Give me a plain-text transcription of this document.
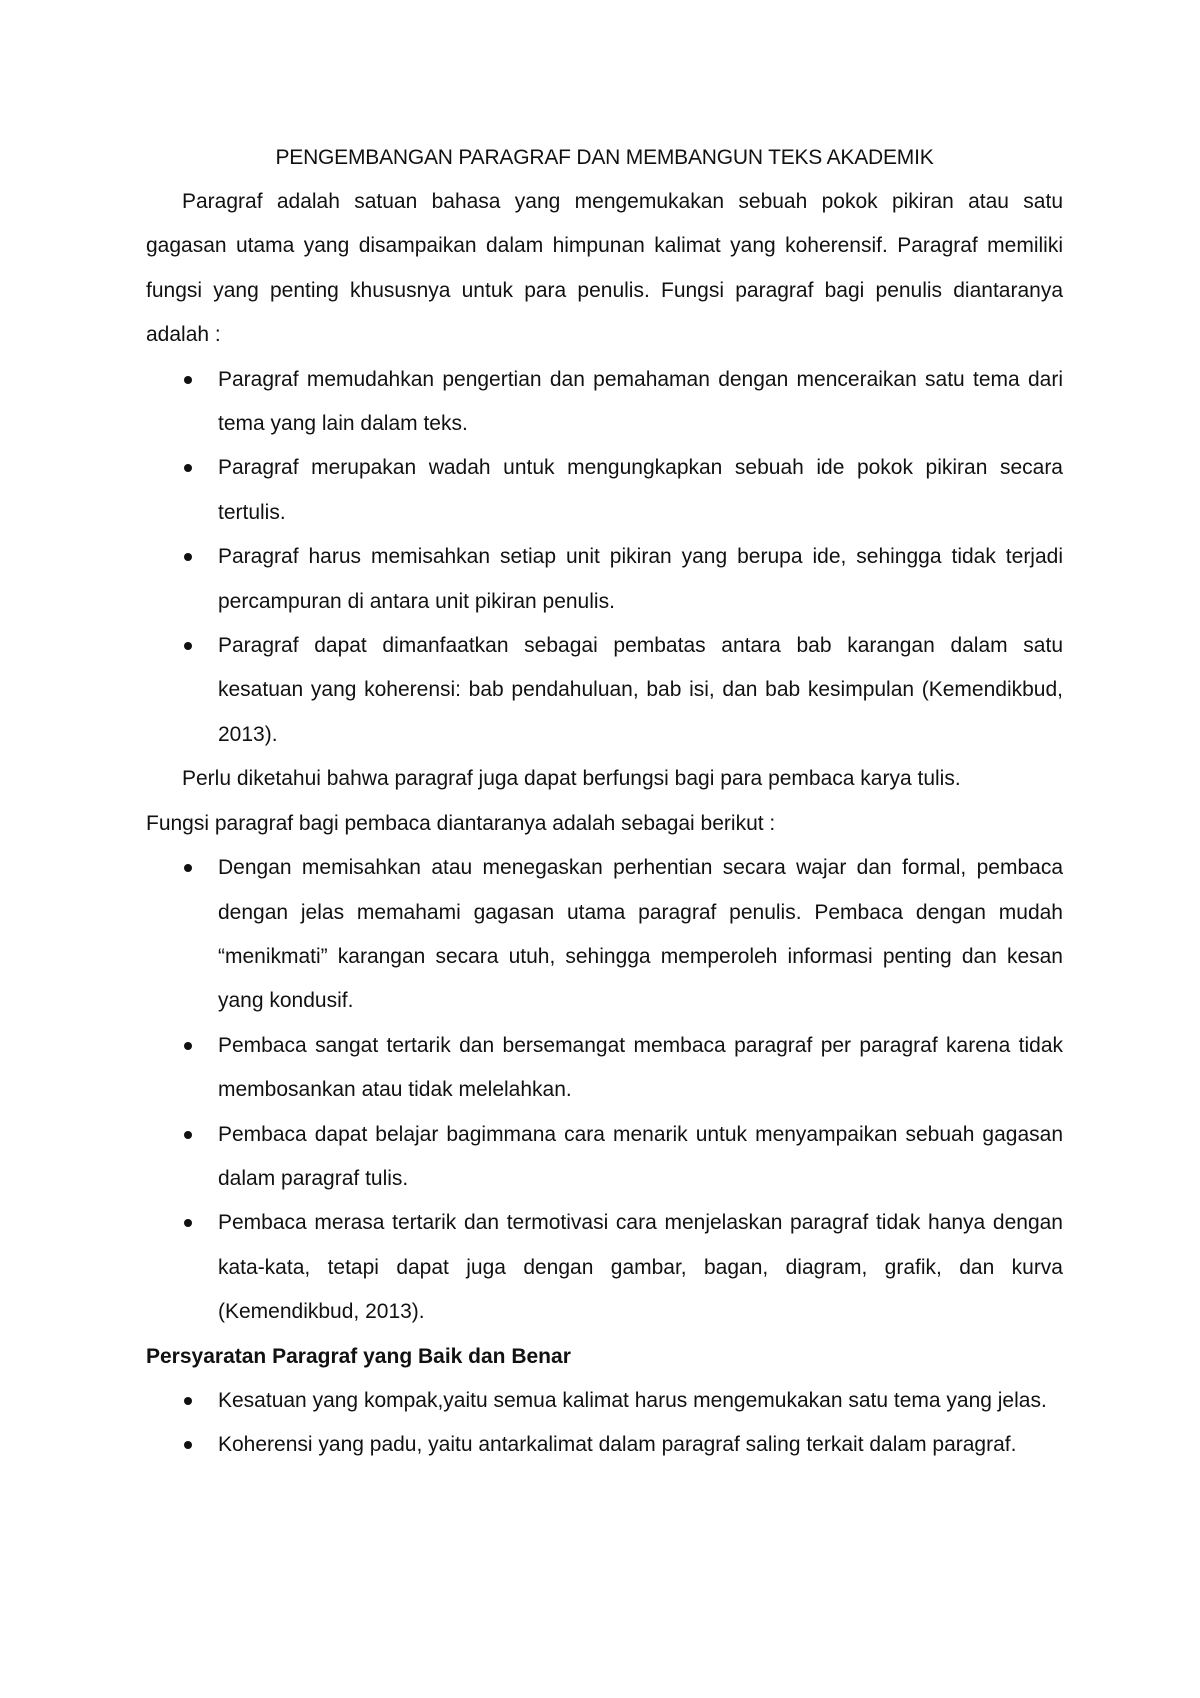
PENGEMBANGAN PARAGRAF DAN MEMBANGUN TEKS AKADEMIK

Paragraf adalah satuan bahasa yang mengemukakan sebuah pokok pikiran atau satu gagasan utama yang disampaikan dalam himpunan kalimat yang koherensif. Paragraf memiliki fungsi yang penting khususnya untuk para penulis. Fungsi paragraf bagi penulis diantaranya adalah :

Paragraf memudahkan pengertian dan pemahaman dengan menceraikan satu tema dari tema yang lain dalam teks.
Paragraf merupakan wadah untuk mengungkapkan sebuah ide pokok pikiran secara tertulis.
Paragraf harus memisahkan setiap unit pikiran yang berupa ide, sehingga tidak terjadi percampuran di antara unit pikiran penulis.
Paragraf dapat dimanfaatkan sebagai pembatas antara bab karangan dalam satu kesatuan yang koherensi: bab pendahuluan, bab isi, dan bab kesimpulan (Kemendikbud, 2013).

Perlu diketahui bahwa paragraf juga dapat berfungsi bagi para pembaca karya tulis.

Fungsi paragraf bagi pembaca diantaranya adalah sebagai berikut :

Dengan memisahkan atau menegaskan perhentian secara wajar dan formal, pembaca dengan jelas memahami gagasan utama paragraf penulis. Pembaca dengan mudah “menikmati” karangan secara utuh, sehingga memperoleh informasi penting dan kesan yang kondusif.
Pembaca sangat tertarik dan bersemangat membaca paragraf per paragraf karena tidak membosankan atau tidak melelahkan.
Pembaca dapat belajar bagimmana cara menarik untuk menyampaikan sebuah gagasan dalam paragraf tulis.
Pembaca merasa tertarik dan termotivasi cara menjelaskan paragraf tidak hanya dengan kata-kata, tetapi dapat juga dengan gambar, bagan, diagram, grafik, dan kurva (Kemendikbud, 2013).

Persyaratan Paragraf yang Baik dan Benar

Kesatuan yang kompak,yaitu semua kalimat harus mengemukakan satu tema yang jelas.
Koherensi yang padu, yaitu antarkalimat dalam paragraf saling terkait dalam paragraf.
